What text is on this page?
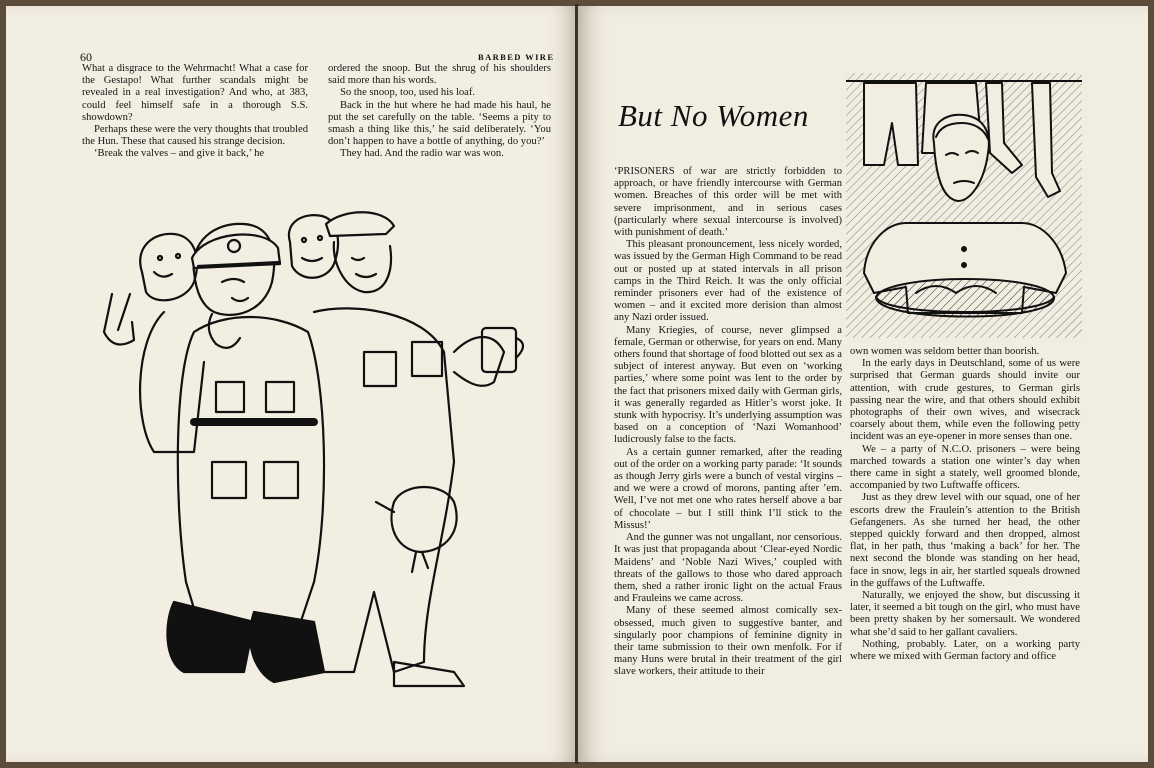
60	BARBED WIRE

What a disgrace to the Wehrmacht! What a case for the Gestapo! What further scandals might be revealed in a real investigation? And who, at 383, could feel himself safe in a thorough S.S. showdown?

Perhaps these were the very thoughts that troubled the Hun. These that caused his strange decision.

‘Break the valves – and give it back,’ he

ordered the snoop. But the shrug of his shoulders said more than his words.

So the snoop, too, used his loaf.

Back in the hut where he had made his haul, he put the set carefully on the table. ‘Seems a pity to smash a thing like this,’ he said deliberately. ‘You don’t happen to have a bottle of anything, do you?’

They had. And the radio war was won.

But No Women

‘PRISONERS of war are strictly forbidden to approach, or have friendly intercourse with German women. Breaches of this order will be met with severe imprisonment, and in serious cases (particularly where sexual intercourse is involved) with punishment of death.’

This pleasant pronouncement, less nicely worded, was issued by the German High Command to be read out or posted up at stated intervals in all prison camps in the Third Reich. It was the only official reminder prisoners ever had of the existence of women – and it excited more derision than almost any Nazi order issued.

Many Kriegies, of course, never glimpsed a female, German or otherwise, for years on end. Many others found that shortage of food blotted out sex as a subject of interest anyway. But even on ‘working parties,’ where some point was lent to the order by the fact that prisoners mixed daily with German girls, it was generally regarded as Hitler’s worst joke. It stunk with hypocrisy. It’s underlying assumption was based on a conception of ‘Nazi Womanhood’ ludicrously false to the facts.

As a certain gunner remarked, after the reading out of the order on a working party parade: ‘It sounds as though Jerry girls were a bunch of vestal virgins – and we were a crowd of morons, panting after ’em. Well, I’ve not met one who rates herself above a bar of chocolate – but I still think I’ll stick to the Missus!’

And the gunner was not ungallant, nor censorious. It was just that propaganda about ‘Clear-eyed Nordic Maidens’ and ‘Noble Nazi Wives,’ coupled with threats of the gallows to those who dared approach them, shed a rather ironic light on the actual Fraus and Frauleins we came across.

Many of these seemed almost comically sex-obsessed, much given to suggestive banter, and singularly poor champions of feminine dignity in their tame submission to their own menfolk. For if many Huns were brutal in their treatment of the girl slave workers, their attitude to their

own women was seldom better than boorish.

In the early days in Deutschland, some of us were surprised that German guards should invite our attention, with crude gestures, to German girls passing near the wire, and that others should exhibit photographs of their own wives, and wisecrack coarsely about them, while even the following petty incident was an eye-opener in more senses than one.

We – a party of N.C.O. prisoners – were being marched towards a station one winter’s day when there came in sight a stately, well groomed blonde, accompanied by two Luftwaffe officers.

Just as they drew level with our squad, one of her escorts drew the Fraulein’s attention to the British Gefangeners. As she turned her head, the other stepped quickly forward and then dropped, almost flat, in her path, thus ‘making a back’ for her. The next second the blonde was standing on her head, face in snow, legs in air, her startled squeals drowned in the guffaws of the Luftwaffe.

Naturally, we enjoyed the show, but discussing it later, it seemed a bit tough on the girl, who must have been pretty shaken by her somersault. We wondered what she’d said to her gallant cavaliers.

Nothing, probably. Later, on a working party where we mixed with German factory and office
